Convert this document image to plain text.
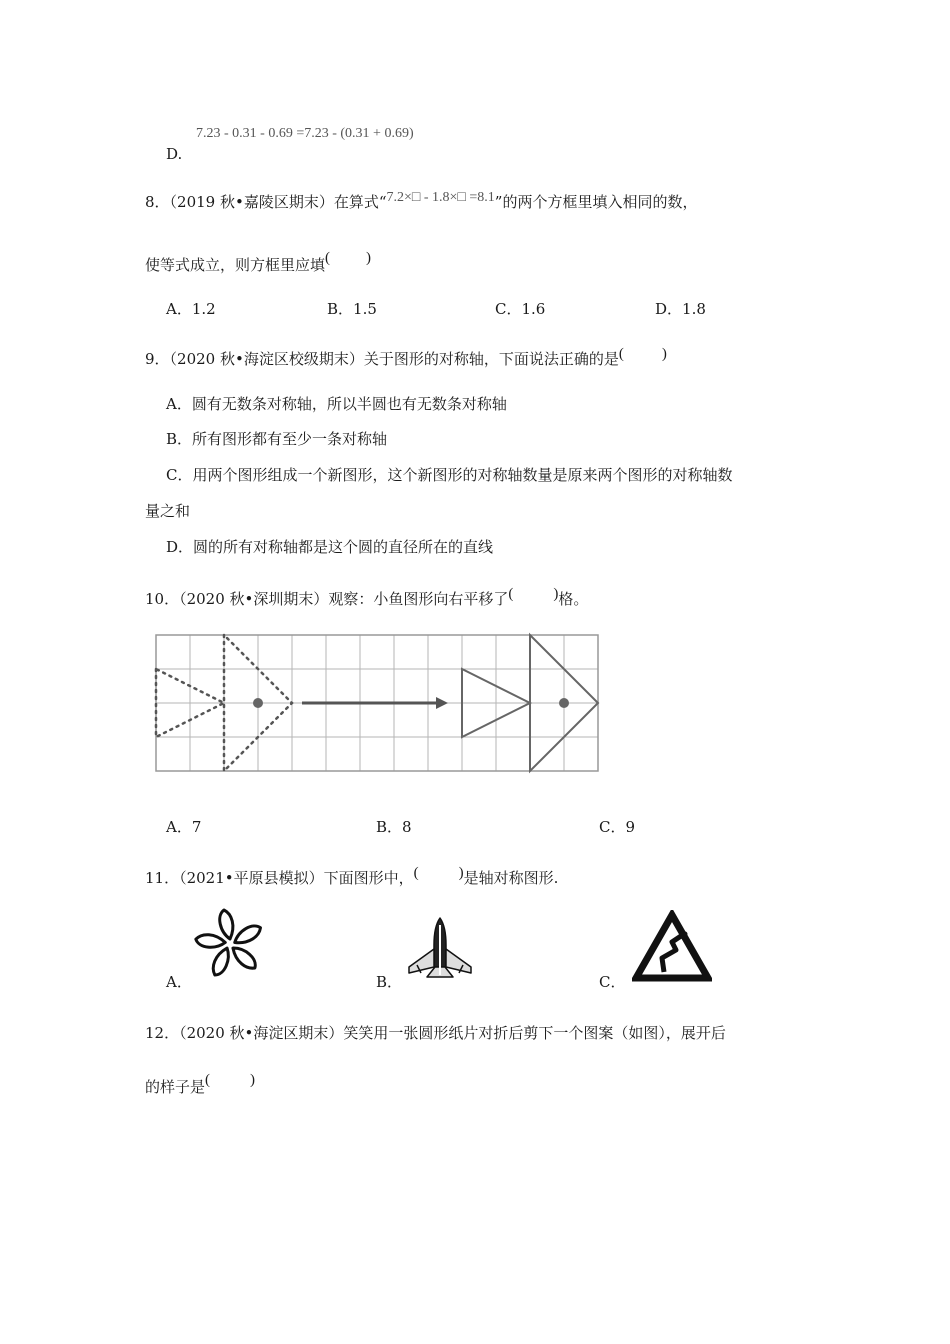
7.23 - 0.31 - 0.69 =7.23 - (0.31 + 0.69)
D.
8．（2019 秋•嘉陵区期末）在算式“7.2×□ - 1.8×□ =8.1”的两个方框里填入相同的数，
使等式成立，则方框里应填( )
A．1.2	B．1.5	C．1.6	D．1.8
9．（2020 秋•海淀区校级期末）关于图形的对称轴，下面说法正确的是(	)
A．圆有无数条对称轴，所以半圆也有无数条对称轴
B．所有图形都有至少一条对称轴
C．用两个图形组成一个新图形，这个新图形的对称轴数量是原来两个图形的对称轴数
量之和
D．圆的所有对称轴都是这个圆的直径所在的直线
10．（2020 秋•深圳期末）观察：小鱼图形向右平移了(	)格。
A．7	B．8	C．9
11．（2021•平原县模拟）下面图形中，(	)是轴对称图形.
A．	B．	C．
12．（2020 秋•海淀区期末）笑笑用一张圆形纸片对折后剪下一个图案（如图），展开后
的样子是(	)
